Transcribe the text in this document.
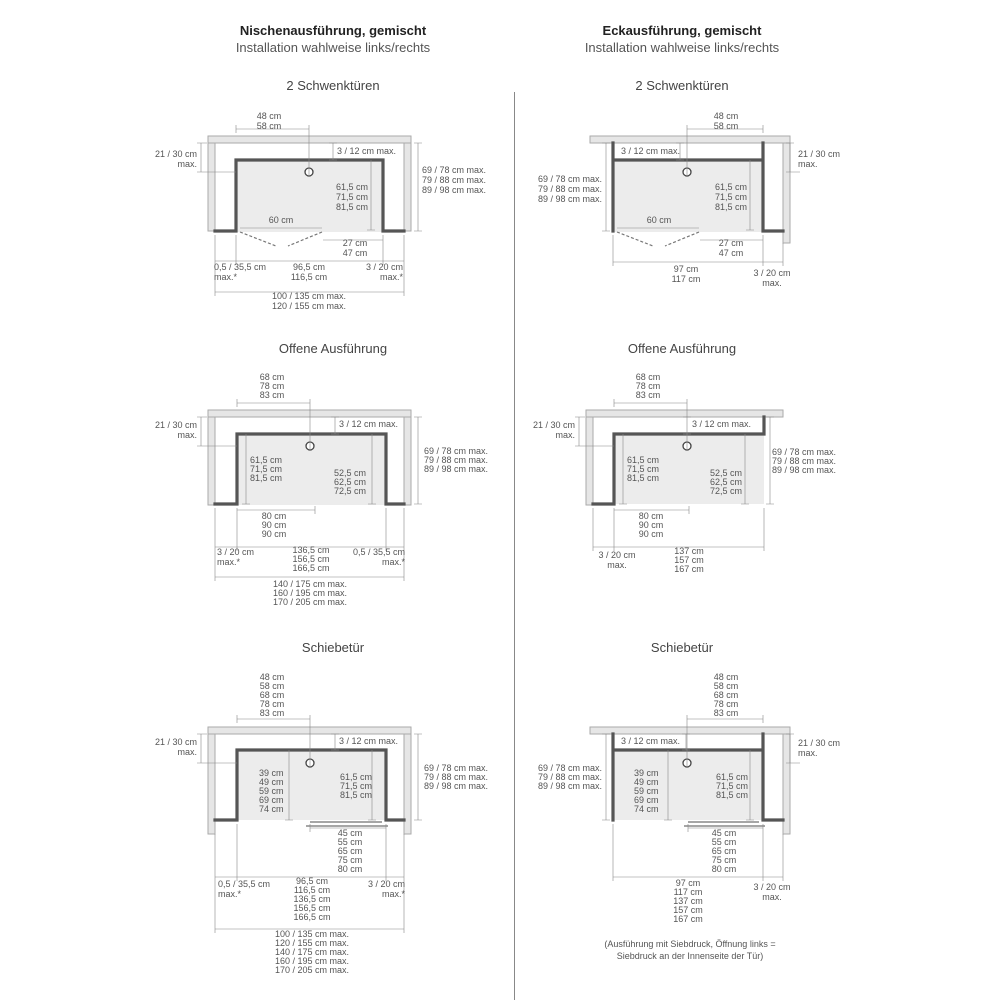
Nischenausführung, gemischt
Installation wahlweise links/rechts
Eckausführung, gemischt
Installation wahlweise links/rechts
2 Schwenktüren	2 Schwenktüren
Offene Ausführung	Offene Ausführung
Schiebetür	Schiebetür
48 cm 58 cm
21 / 30 cm max.
3 / 12 cm max.
61,5 cm 71,5 cm 81,5 cm
69 / 78 cm max. 79 / 88 cm max. 89 / 98 cm max.
60 cm
27 cm 47 cm
0,5 / 35,5 cm max.*
96,5 cm 116,5 cm
3 / 20 cm max.*
100 / 135 cm max. 120 / 155 cm max.
48 cm 58 cm
21 / 30 cm max.
3 / 12 cm max.
61,5 cm 71,5 cm 81,5 cm
69 / 78 cm max. 79 / 88 cm max. 89 / 98 cm max.
60 cm
27 cm 47 cm
97 cm 117 cm
3 / 20 cm max.
68 cm 78 cm 83 cm
21 / 30 cm max.
3 / 12 cm max.
61,5 cm 71,5 cm 81,5 cm	52,5 cm 62,5 cm 72,5 cm
69 / 78 cm max. 79 / 88 cm max. 89 / 98 cm max.
80 cm 90 cm 90 cm
3 / 20 cm max.*
136,5 cm 156,5 cm 166,5 cm
0,5 / 35,5 cm max.*
140 / 175 cm max. 160 / 195 cm max. 170 / 205 cm max.
68 cm 78 cm 83 cm
21 / 30 cm max.
3 / 12 cm max.
61,5 cm 71,5 cm 81,5 cm	52,5 cm 62,5 cm 72,5 cm
69 / 78 cm max. 79 / 88 cm max. 89 / 98 cm max.
80 cm 90 cm 90 cm
3 / 20 cm max.
137 cm 157 cm 167 cm
48 cm 58 cm 68 cm 78 cm 83 cm
21 / 30 cm max.
3 / 12 cm max.
39 cm 49 cm 59 cm 69 cm 74 cm
61,5 cm 71,5 cm 81,5 cm
69 / 78 cm max. 79 / 88 cm max. 89 / 98 cm max.
45 cm 55 cm 65 cm 75 cm 80 cm
0,5 / 35,5 cm max.*
96,5 cm 116,5 cm 136,5 cm 156,5 cm 166,5 cm
3 / 20 cm max.*
100 / 135 cm max. 120 / 155 cm max. 140 / 175 cm max. 160 / 195 cm max. 170 / 205 cm max.
48 cm 58 cm 68 cm 78 cm 83 cm
21 / 30 cm max.
3 / 12 cm max.
39 cm 49 cm 59 cm 69 cm 74 cm
61,5 cm 71,5 cm 81,5 cm
69 / 78 cm max. 79 / 88 cm max. 89 / 98 cm max.
45 cm 55 cm 65 cm 75 cm 80 cm
97 cm 117 cm 137 cm 157 cm 167 cm
3 / 20 cm max.
(Ausführung mit Siebdruck, Öffnung links =
Siebdruck an der Innenseite der Tür)
